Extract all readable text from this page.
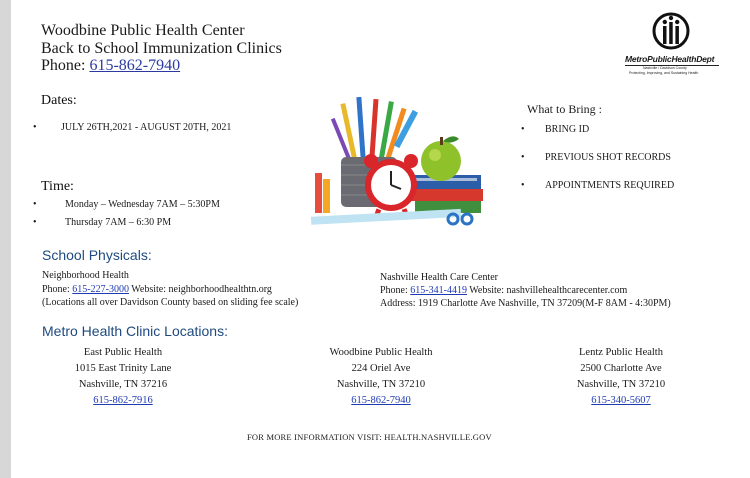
Woodbine Public Health Center
Back to School Immunization Clinics
Phone: 615-862-7940	MetroPublicHealthDept
Nashville / Davidson County
Protecting, Improving, and Sustaining Health
Dates:
• JULY 26TH,2021 - AUGUST 20TH, 2021
Time:
•	Monday – Wednesday 7AM – 5:30PM
•	Thursday 7AM – 6:30 PM
What to Bring :
• BRING ID
• PREVIOUS SHOT RECORDS
• APPOINTMENTS REQUIRED
School Physicals:
Neighborhood Health
Phone: 615-227-3000 Website: neighborhoodhealthtn.org
(Locations all over Davidson County based on sliding fee scale)
Nashville Health Care Center
Phone: 615-341-4419 Website: nashvillehealthcarecenter.com
Address: 1919 Charlotte Ave Nashville, TN 37209(M-F 8AM - 4:30PM)
Metro Health Clinic Locations:
East Public Health
1015 East Trinity Lane
Nashville, TN 37216
615-862-7916
Woodbine Public Health
224 Oriel Ave
Nashville, TN 37210
615-862-7940
Lentz Public Health
2500 Charlotte Ave
Nashville, TN 37210
615-340-5607
FOR MORE INFORMATION VISIT: HEALTH.NASHVILLE.GOV
